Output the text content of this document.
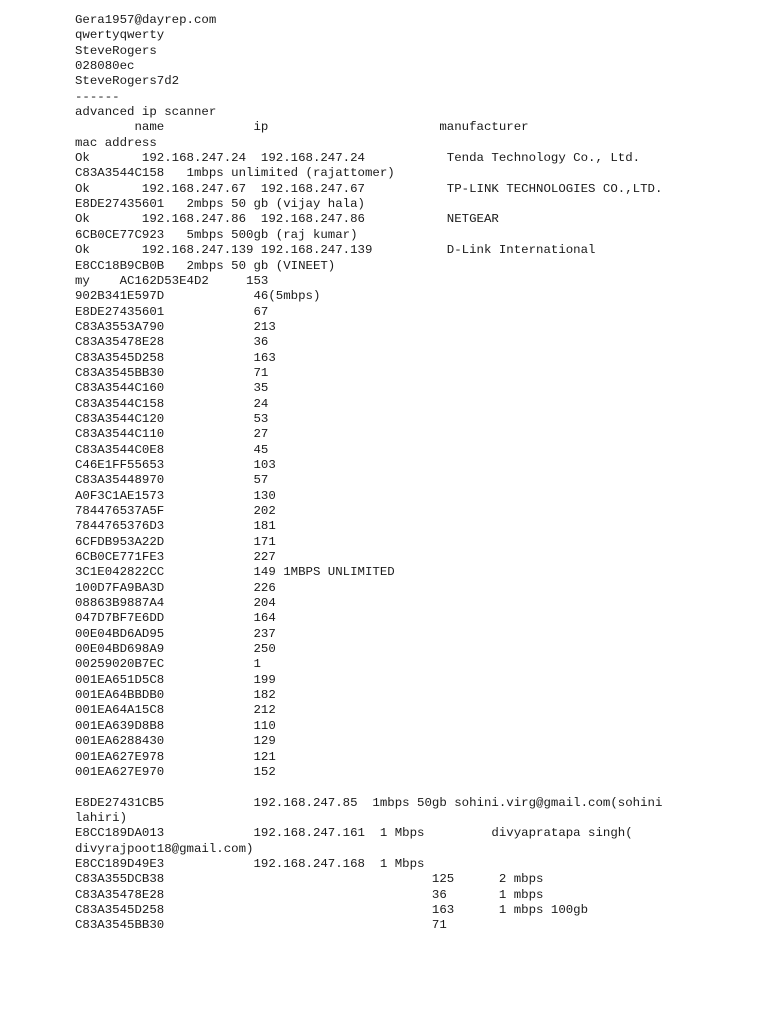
Gera1957@dayrep.com
qwertyqwerty
SteveRogers
028080ec
SteveRogers7d2
------
advanced ip scanner
name            ip                       manufacturer
mac address
Ok       192.168.247.24  192.168.247.24           Tenda Technology Co., Ltd.
C83A3544C158   1mbps unlimited (rajattomer)
Ok       192.168.247.67  192.168.247.67           TP-LINK TECHNOLOGIES CO.,LTD.
E8DE27435601   2mbps 50 gb (vijay hala)
Ok       192.168.247.86  192.168.247.86           NETGEAR
6CB0CE77C923   5mbps 500gb (raj kumar)
Ok       192.168.247.139 192.168.247.139          D-Link International
E8CC18B9CB0B   2mbps 50 gb (VINEET)
my    AC162D53E4D2     153
902B341E597D            46(5mbps)
E8DE27435601            67
C83A3553A790            213
C83A35478E28            36
C83A3545D258            163
C83A3545BB30            71
C83A3544C160            35
C83A3544C158            24
C83A3544C120            53
C83A3544C110            27
C83A3544C0E8            45
C46E1FF55653            103
C83A35448970            57
A0F3C1AE1573            130
784476537A5F            202
7844765376D3            181
6CFDB953A22D            171
6CB0CE771FE3            227
3C1E042822CC            149 1MBPS UNLIMITED
100D7FA9BA3D            226
08863B9887A4            204
047D7BF7E6DD            164
00E04BD6AD95            237
00E04BD698A9            250
00259020B7EC            1
001EA651D5C8            199
001EA64BBDB0            182
001EA64A15C8            212
001EA639D8B8            110
001EA6288430            129
001EA627E978            121
001EA627E970            152
E8DE27431CB5            192.168.247.85  1mbps 50gb sohini.virg@gmail.com(sohini
lahiri)
E8CC189DA013            192.168.247.161  1 Mbps         divyapratapa singh(
divyrajpoot18@gmail.com)
E8CC189D49E3            192.168.247.168  1 Mbps
C83A355DCB38                                    125      2 mbps
C83A35478E28                                    36       1 mbps
C83A3545D258                                    163      1 mbps 100gb
C83A3545BB30                                    71
